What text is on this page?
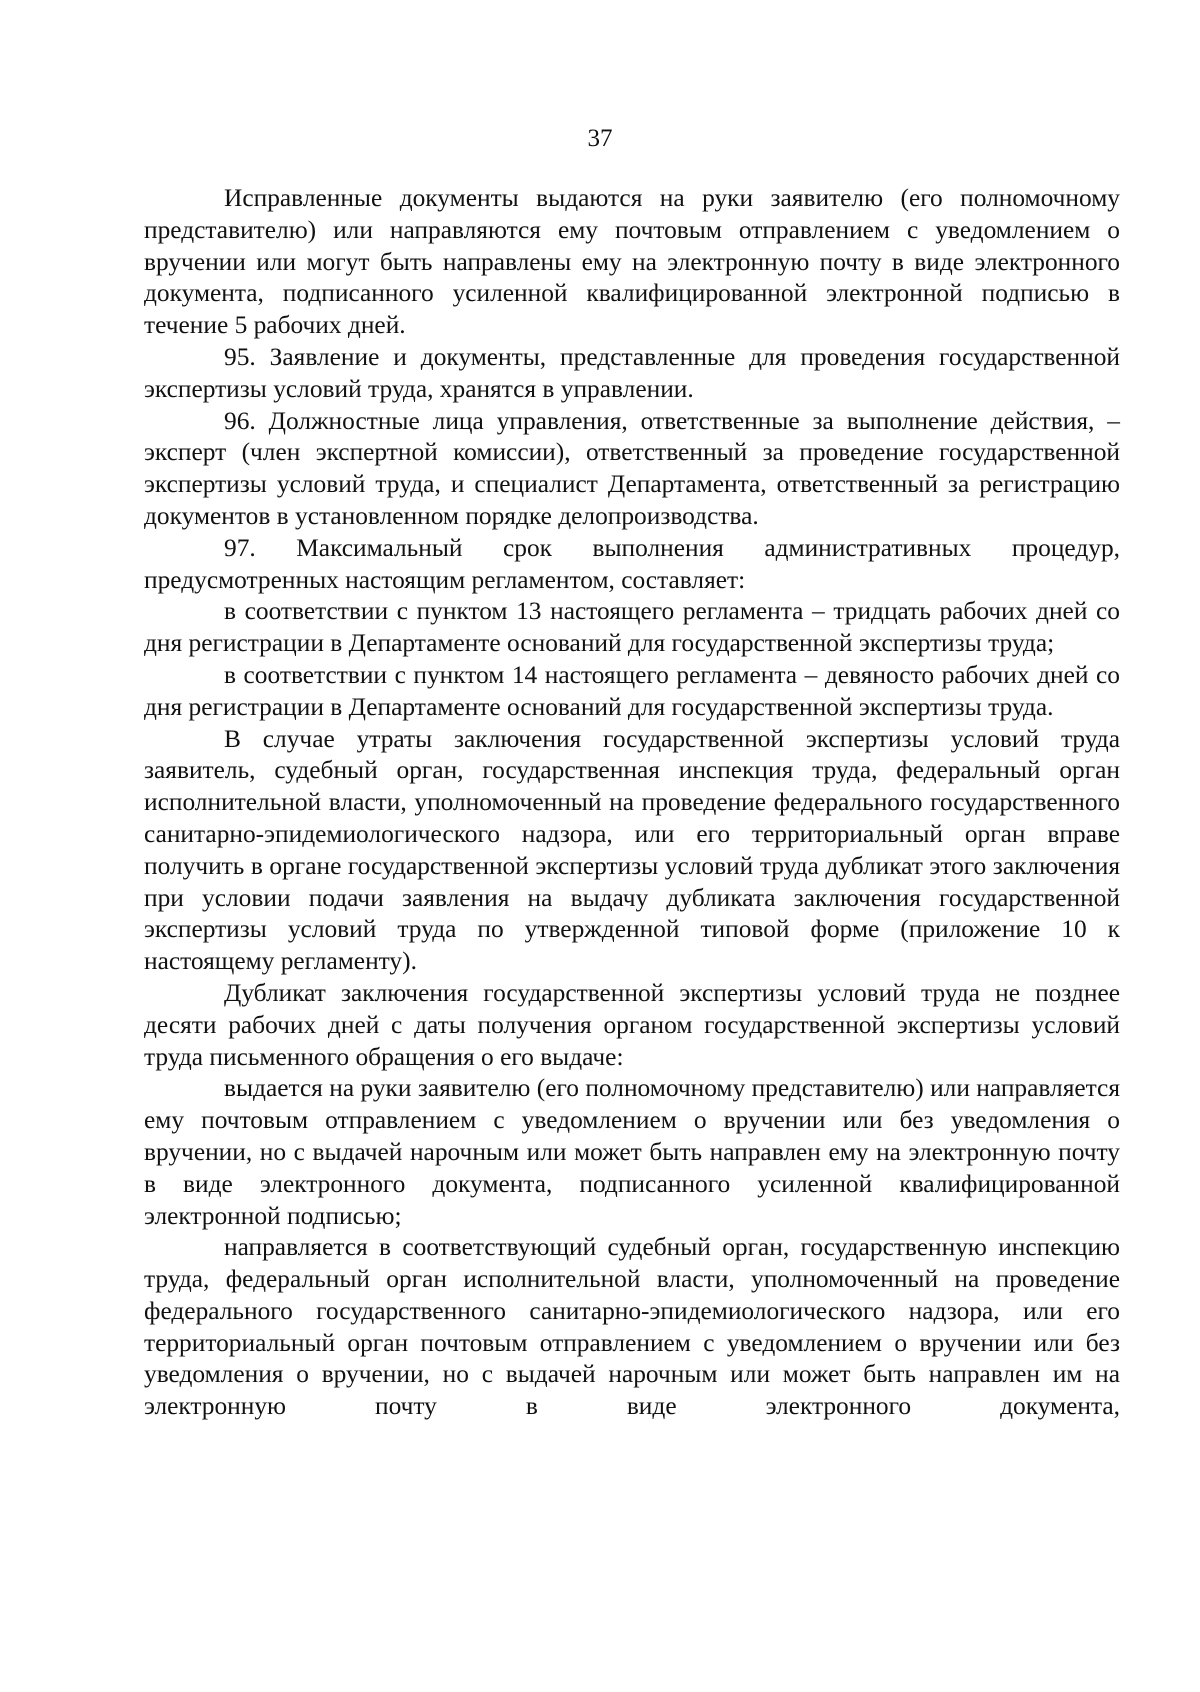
37

Исправленные документы выдаются на руки заявителю (его полномочному представителю) или направляются ему почтовым отправлением с уведомлением о вручении или могут быть направлены ему на электронную почту в виде электронного документа, подписанного усиленной квалифицированной электронной подписью в течение 5 рабочих дней.

95. Заявление и документы, представленные для проведения государственной экспертизы условий труда, хранятся в управлении.

96. Должностные лица управления, ответственные за выполнение действия, – эксперт (член экспертной комиссии), ответственный за проведение государственной экспертизы условий труда, и специалист Департамента, ответственный за регистрацию документов в установленном порядке делопроизводства.

97. Максимальный срок выполнения административных процедур, предусмотренных настоящим регламентом, составляет:

в соответствии с пунктом 13 настоящего регламента – тридцать рабочих дней со дня регистрации в Департаменте оснований для государственной экспертизы труда;

в соответствии с пунктом 14 настоящего регламента – девяносто рабочих дней со дня регистрации в Департаменте оснований для государственной экспертизы труда.

В случае утраты заключения государственной экспертизы условий труда заявитель, судебный орган, государственная инспекция труда, федеральный орган исполнительной власти, уполномоченный на проведение федерального государственного санитарно-эпидемиологического надзора, или его территориальный орган вправе получить в органе государственной экспертизы условий труда дубликат этого заключения при условии подачи заявления на выдачу дубликата заключения государственной экспертизы условий труда по утвержденной типовой форме (приложение 10 к настоящему регламенту).

Дубликат заключения государственной экспертизы условий труда не позднее десяти рабочих дней с даты получения органом государственной экспертизы условий труда письменного обращения о его выдаче:

выдается на руки заявителю (его полномочному представителю) или направляется ему почтовым отправлением с уведомлением о вручении или без уведомления о вручении, но с выдачей нарочным или может быть направлен ему на электронную почту в виде электронного документа, подписанного усиленной квалифицированной электронной подписью;

направляется в соответствующий судебный орган, государственную инспекцию труда, федеральный орган исполнительной власти, уполномоченный на проведение федерального государственного санитарно-эпидемиологического надзора, или его территориальный орган почтовым отправлением с уведомлением о вручении или без уведомления о вручении, но с выдачей нарочным или может быть направлен им на электронную почту в виде электронного документа,
